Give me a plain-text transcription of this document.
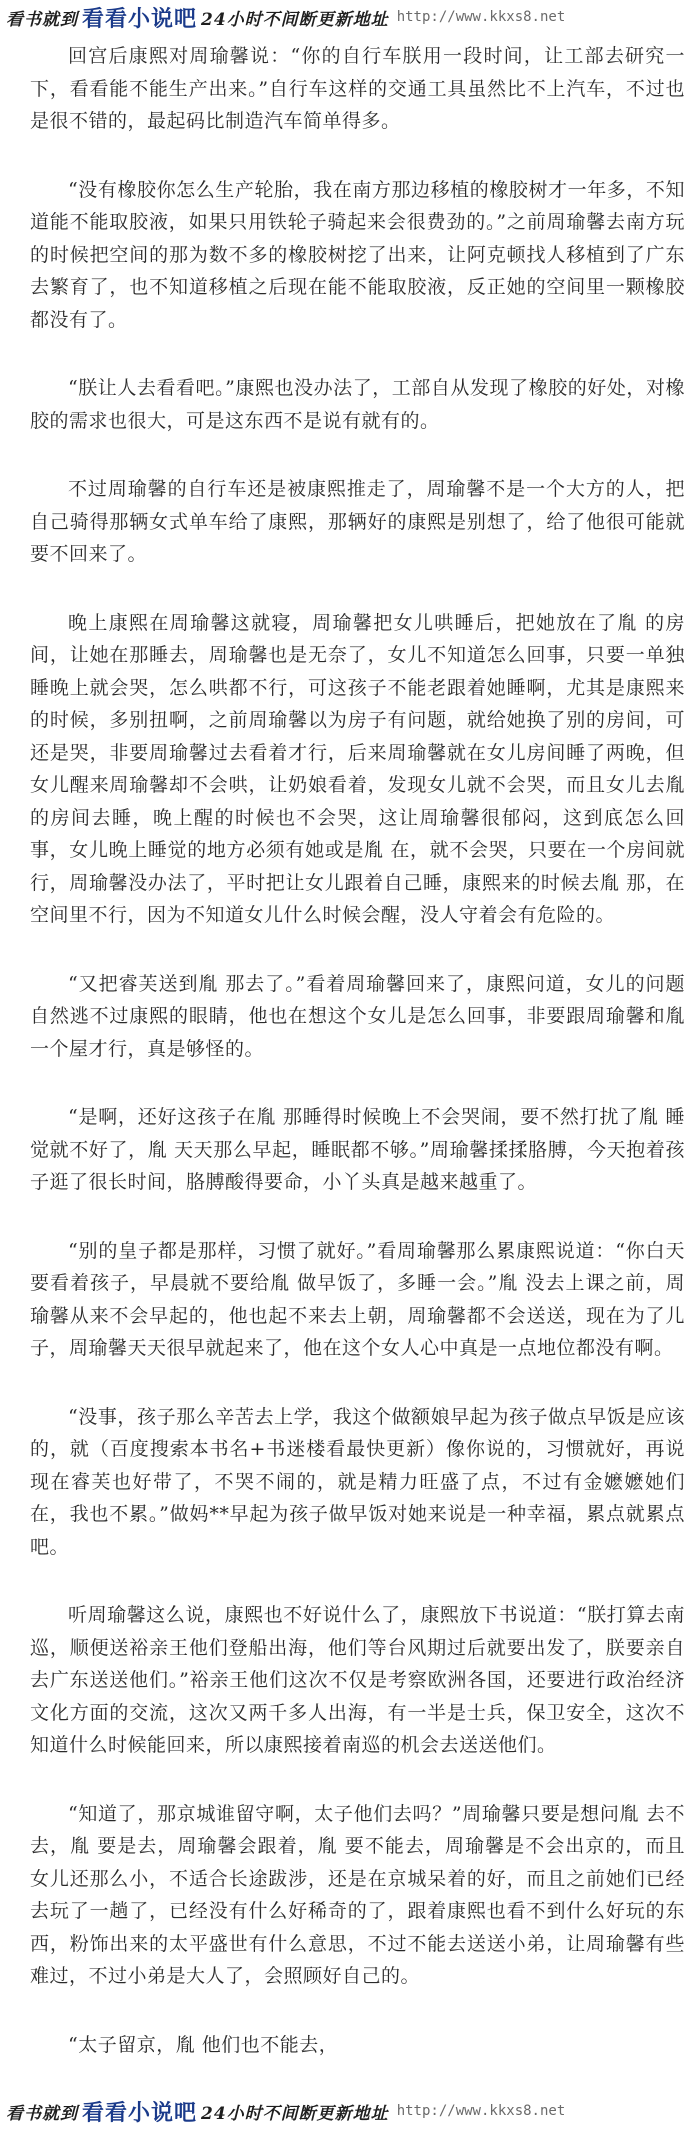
看书就到 看看小说吧 24小时不间断更新地址 http://www.kkxs8.net

回宫后康熙对周瑜馨说：“你的自行车朕用一段时间，让工部去研究一下，看看能不能生产出来。”自行车这样的交通工具虽然比不上汽车，不过也是很不错的，最起码比制造汽车简单得多。

“没有橡胶你怎么生产轮胎，我在南方那边移植的橡胶树才一年多，不知道能不能取胶液，如果只用铁轮子骑起来会很费劲的。”之前周瑜馨去南方玩的时候把空间的那为数不多的橡胶树挖了出来，让阿克顿找人移植到了广东去繁育了，也不知道移植之后现在能不能取胶液，反正她的空间里一颗橡胶都没有了。

“朕让人去看看吧。”康熙也没办法了，工部自从发现了橡胶的好处，对橡胶的需求也很大，可是这东西不是说有就有的。

不过周瑜馨的自行车还是被康熙推走了，周瑜馨不是一个大方的人，把自己骑得那辆女式单车给了康熙，那辆好的康熙是别想了，给了他很可能就要不回来了。

晚上康熙在周瑜馨这就寝，周瑜馨把女儿哄睡后，把她放在了胤 的房间，让她在那睡去，周瑜馨也是无奈了，女儿不知道怎么回事，只要一单独睡晚上就会哭，怎么哄都不行，可这孩子不能老跟着她睡啊，尤其是康熙来的时候，多别扭啊，之前周瑜馨以为房子有问题，就给她换了别的房间，可还是哭，非要周瑜馨过去看着才行，后来周瑜馨就在女儿房间睡了两晚，但女儿醒来周瑜馨却不会哄，让奶娘看着，发现女儿就不会哭，而且女儿去胤 的房间去睡，晚上醒的时候也不会哭，这让周瑜馨很郁闷，这到底怎么回事，女儿晚上睡觉的地方必须有她或是胤 在，就不会哭，只要在一个房间就行，周瑜馨没办法了，平时把让女儿跟着自己睡，康熙来的时候去胤 那，在空间里不行，因为不知道女儿什么时候会醒，没人守着会有危险的。

“又把睿芙送到胤 那去了。”看着周瑜馨回来了，康熙问道，女儿的问题自然逃不过康熙的眼睛，他也在想这个女儿是怎么回事，非要跟周瑜馨和胤 一个屋才行，真是够怪的。

“是啊，还好这孩子在胤 那睡得时候晚上不会哭闹，要不然打扰了胤 睡觉就不好了，胤 天天那么早起，睡眠都不够。”周瑜馨揉揉胳膊，今天抱着孩子逛了很长时间，胳膊酸得要命，小丫头真是越来越重了。

“别的皇子都是那样，习惯了就好。”看周瑜馨那么累康熙说道：“你白天要看着孩子，早晨就不要给胤 做早饭了，多睡一会。”胤 没去上课之前，周瑜馨从来不会早起的，他也起不来去上朝，周瑜馨都不会送送，现在为了儿子，周瑜馨天天很早就起来了，他在这个女人心中真是一点地位都没有啊。

“没事，孩子那么辛苦去上学，我这个做额娘早起为孩子做点早饭是应该的，就（百度搜索本书名+书迷楼看最快更新）像你说的，习惯就好，再说现在睿芙也好带了，不哭不闹的，就是精力旺盛了点，不过有金嬷嬷她们在，我也不累。”做妈**早起为孩子做早饭对她来说是一种幸福，累点就累点吧。

听周瑜馨这么说，康熙也不好说什么了，康熙放下书说道：“朕打算去南巡，顺便送裕亲王他们登船出海，他们等台风期过后就要出发了，朕要亲自去广东送送他们。”裕亲王他们这次不仅是考察欧洲各国，还要进行政治经济文化方面的交流，这次又两千多人出海，有一半是士兵，保卫安全，这次不知道什么时候能回来，所以康熙接着南巡的机会去送送他们。

“知道了，那京城谁留守啊，太子他们去吗？”周瑜馨只要是想问胤 去不去，胤 要是去，周瑜馨会跟着，胤 要不能去，周瑜馨是不会出京的，而且女儿还那么小，不适合长途跋涉，还是在京城呆着的好，而且之前她们已经去玩了一趟了，已经没有什么好稀奇的了，跟着康熙也看不到什么好玩的东西，粉饰出来的太平盛世有什么意思，不过不能去送送小弟，让周瑜馨有些难过，不过小弟是大人了，会照顾好自己的。

“太子留京，胤 他们也不能去，

看书就到 看看小说吧 24小时不间断更新地址 http://www.kkxs8.net
